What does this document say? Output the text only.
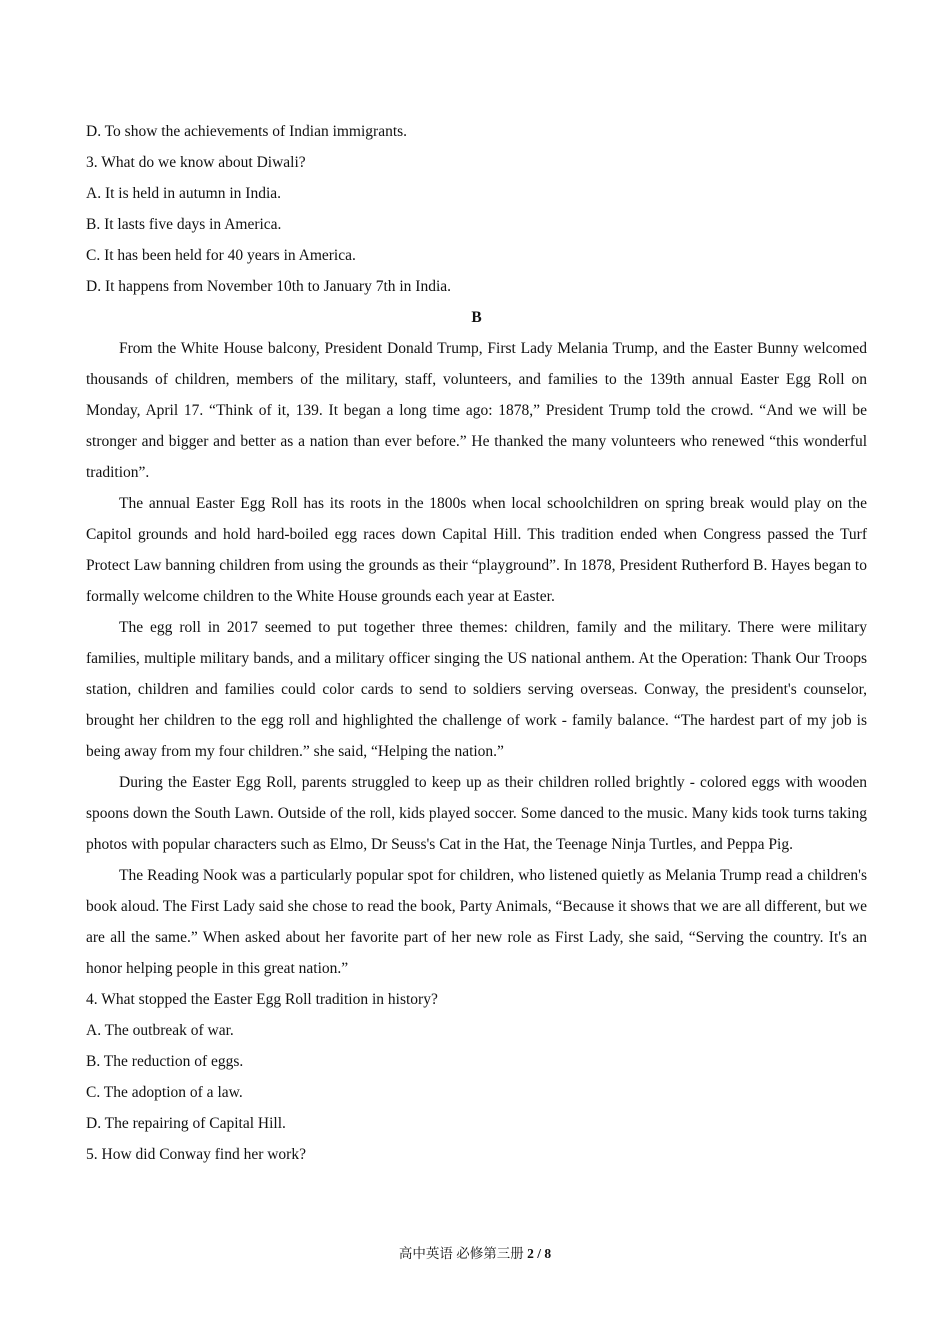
D. To show the achievements of Indian immigrants.

3. What do we know about Diwali?

A. It is held in autumn in India.

B. It lasts five days in America.

C. It has been held for 40 years in America.

D. It happens from November 10th to January 7th in India.

B

From the White House balcony, President Donald Trump, First Lady Melania Trump, and the Easter Bunny welcomed thousands of children, members of the military, staff, volunteers, and families to the 139th annual Easter Egg Roll on Monday, April 17. “Think of it, 139. It began a long time ago: 1878,” President Trump told the crowd. “And we will be stronger and bigger and better as a nation than ever before.” He thanked the many volunteers who renewed “this wonderful tradition”.

The annual Easter Egg Roll has its roots in the 1800s when local schoolchildren on spring break would play on the Capitol grounds and hold hard-boiled egg races down Capital Hill. This tradition ended when Congress passed the Turf Protect Law banning children from using the grounds as their “playground”. In 1878, President Rutherford B. Hayes began to formally welcome children to the White House grounds each year at Easter.

The egg roll in 2017 seemed to put together three themes: children, family and the military. There were military families, multiple military bands, and a military officer singing the US national anthem. At the Operation: Thank Our Troops station, children and families could color cards to send to soldiers serving overseas. Conway, the president's counselor, brought her children to the egg roll and highlighted the challenge of work - family balance. “The hardest part of my job is being away from my four children.” she said, “Helping the nation.”

During the Easter Egg Roll, parents struggled to keep up as their children rolled brightly - colored eggs with wooden spoons down the South Lawn. Outside of the roll, kids played soccer. Some danced to the music. Many kids took turns taking photos with popular characters such as Elmo, Dr Seuss's Cat in the Hat, the Teenage Ninja Turtles, and Peppa Pig.

The Reading Nook was a particularly popular spot for children, who listened quietly as Melania Trump read a children's book aloud. The First Lady said she chose to read the book, Party Animals, “Because it shows that we are all different, but we are all the same.” When asked about her favorite part of her new role as First Lady, she said, “Serving the country. It's an honor helping people in this great nation.”

4. What stopped the Easter Egg Roll tradition in history?

A. The outbreak of war.

B. The reduction of eggs.

C. The adoption of a law.

D. The repairing of Capital Hill.

5. How did Conway find her work?

高中英语 必修第三册 2 / 8
